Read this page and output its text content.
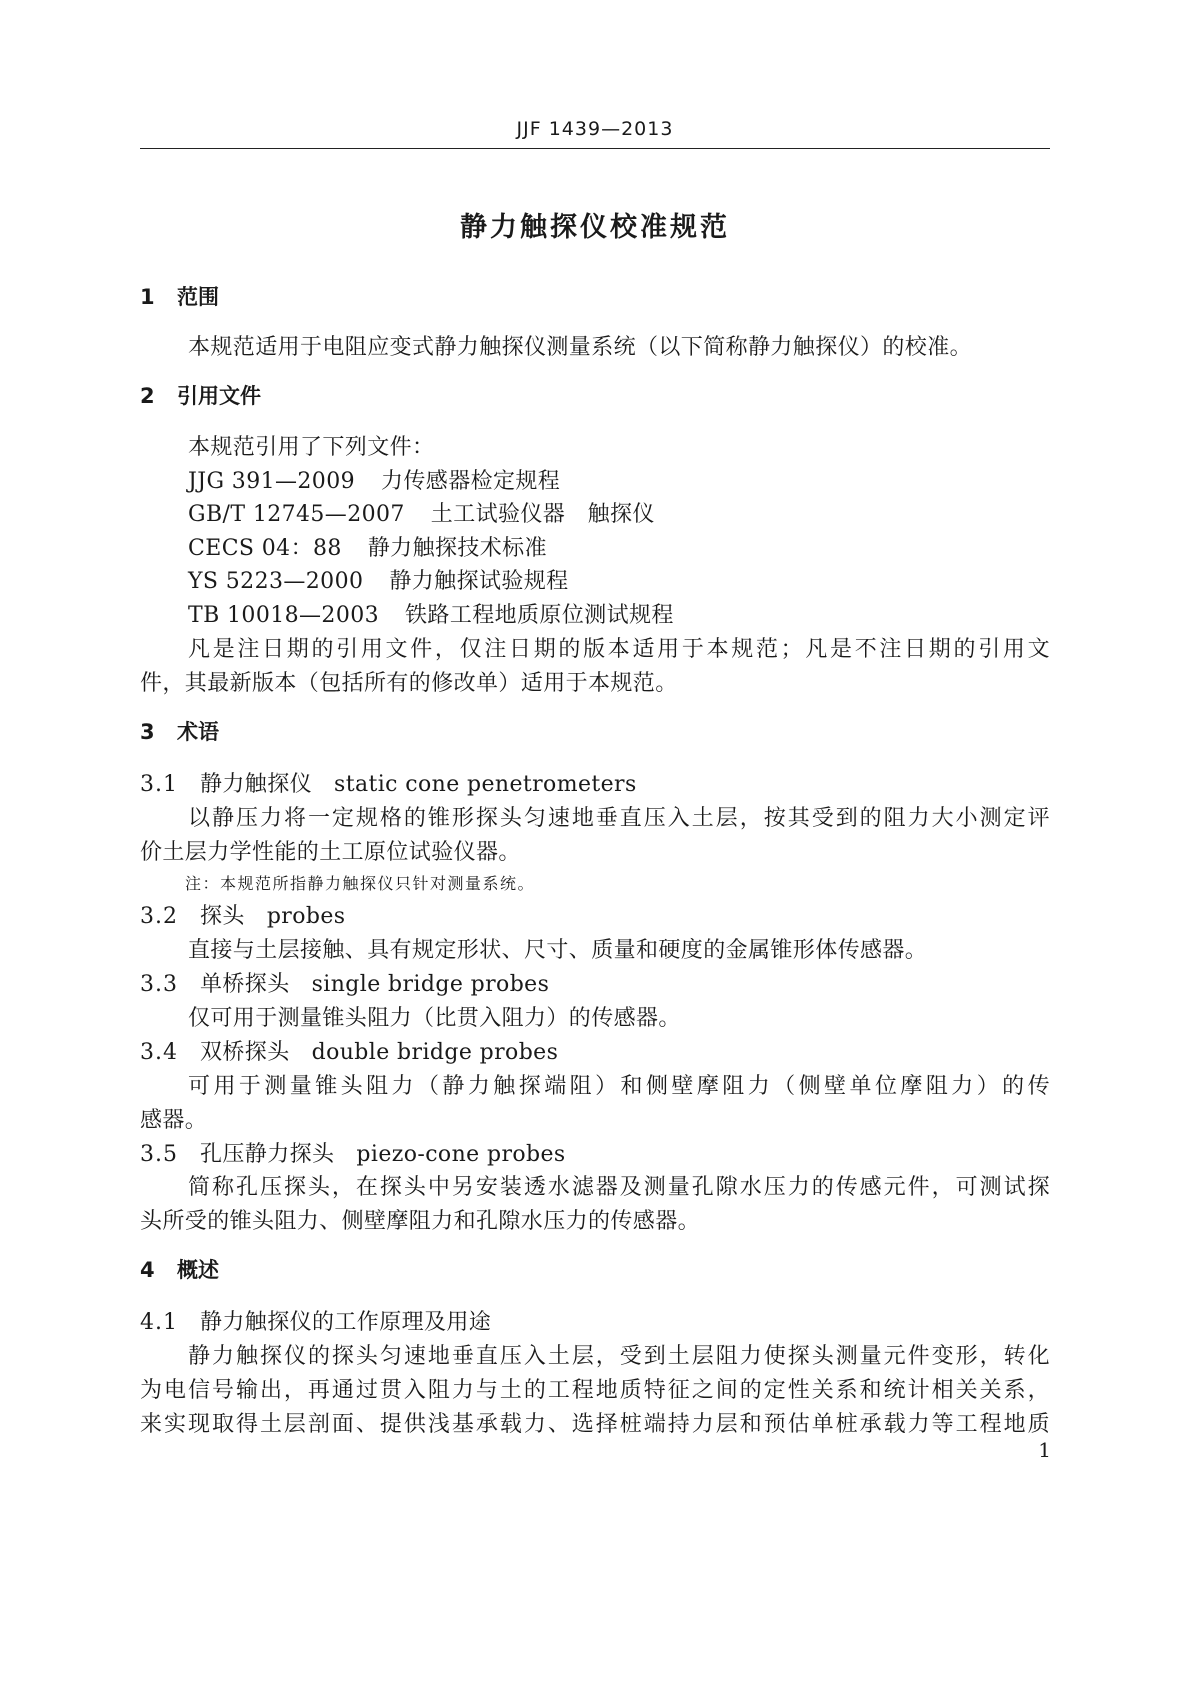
JJF 1439—2013
静力触探仪校准规范
1 范围
本规范适用于电阻应变式静力触探仪测量系统（以下简称静力触探仪）的校准。
2 引用文件
本规范引用了下列文件：
JJG 391—2009 力传感器检定规程
GB/T 12745—2007 土工试验仪器　触探仪
CECS 04：88 静力触探技术标准
YS 5223—2000 静力触探试验规程
TB 10018—2003 铁路工程地质原位测试规程
凡是注日期的引用文件，仅注日期的版本适用于本规范；凡是不注日期的引用文
件，其最新版本（包括所有的修改单）适用于本规范。
3 术语
3.1 静力触探仪 static cone penetrometers
以静压力将一定规格的锥形探头匀速地垂直压入土层，按其受到的阻力大小测定评
价土层力学性能的土工原位试验仪器。
注：本规范所指静力触探仪只针对测量系统。
3.2 探头 probes
直接与土层接触、具有规定形状、尺寸、质量和硬度的金属锥形体传感器。
3.3 单桥探头 single bridge probes
仅可用于测量锥头阻力（比贯入阻力）的传感器。
3.4 双桥探头 double bridge probes
可用于测量锥头阻力（静力触探端阻）和侧壁摩阻力（侧壁单位摩阻力）的传
感器。
3.5 孔压静力探头 piezo-cone probes
简称孔压探头，在探头中另安装透水滤器及测量孔隙水压力的传感元件，可测试探
头所受的锥头阻力、侧壁摩阻力和孔隙水压力的传感器。
4 概述
4.1 静力触探仪的工作原理及用途
静力触探仪的探头匀速地垂直压入土层，受到土层阻力使探头测量元件变形，转化
为电信号输出，再通过贯入阻力与土的工程地质特征之间的定性关系和统计相关关系，
来实现取得土层剖面、提供浅基承载力、选择桩端持力层和预估单桩承载力等工程地质
1
